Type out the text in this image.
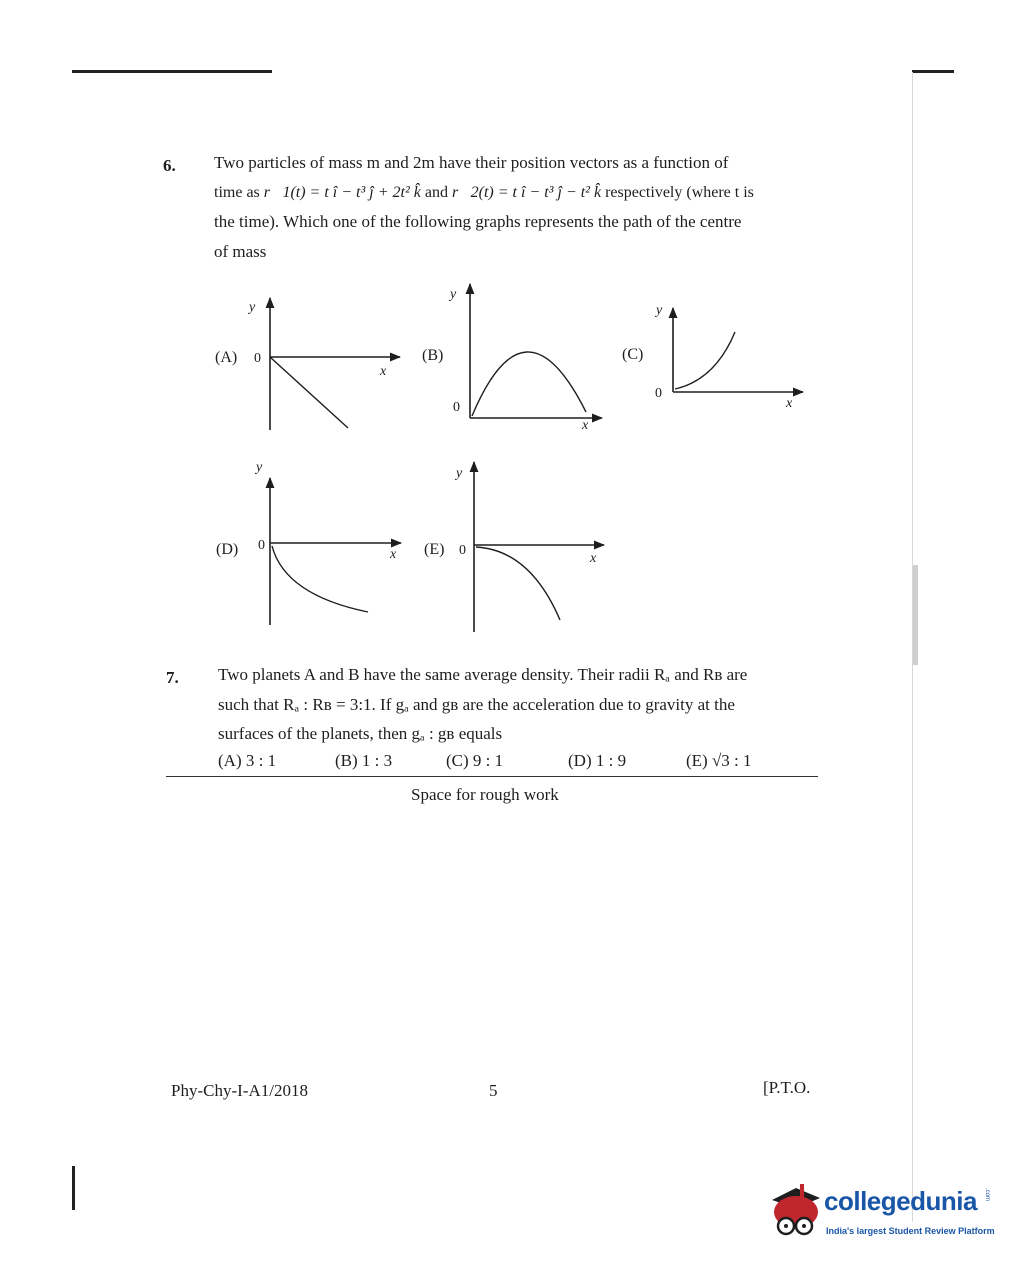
6. Two particles of mass m and 2m have their position vectors as a function of
time as r⃗1(t) = t î − t³ ĵ + 2t² k̂ and r⃗2(t) = t î − t³ ĵ − t² k̂ respectively (where t is
the time). Which one of the following graphs represents the path of the centre
of mass
(A) 0
y
x
(B)
0
y
x
(C)
0
y
x
(D) 0
y
x (E) 0
y
x
7. Two planets A and B have the same average density. Their radii Rₐ and Rʙ are
such that Rₐ : Rʙ = 3:1. If gₐ and gʙ are the acceleration due to gravity at the
surfaces of the planets, then gₐ : gʙ equals
(A) 3 : 1	(B) 1 : 3	(C) 9 : 1	(D) 1 : 9	(E) √3 : 1
Space for rough work
Phy-Chy-I-A1/2018	5	[P.T.O.
collegedunia .com
India's largest Student Review Platform
